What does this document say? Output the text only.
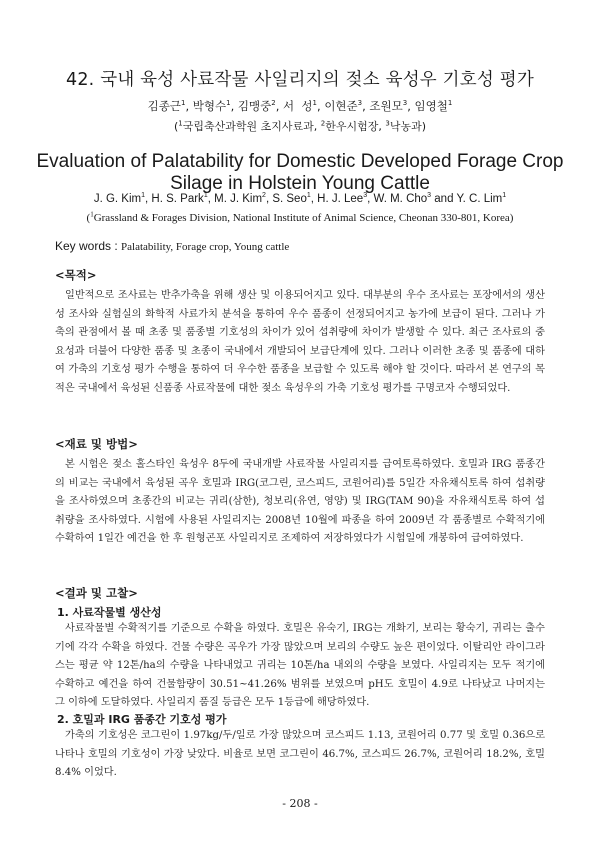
42. 국내 육성 사료작물 사일리지의 젖소 육성우 기호성 평가
김종근$^1$, 박형수$^1$, 김맹중$^2$, 서  성$^1$, 이현준$^3$, 조원모$^3$, 임영철$^1$
($^1$국립축산과학원 초지사료과, $^2$한우시험장, $^3$낙농과)
Evaluation of Palatability for Domestic Developed Forage Crop Silage in Holstein Young Cattle
J. G. Kim$^1$, H. S. Park$^1$, M. J. Kim$^2$, S. Seo$^1$, H. J. Lee$^3$, W. M. Cho$^3$ and Y. C. Lim$^1$
($^1$Grassland & Forages Division, National Institute of Animal Science, Cheonan 330-801, Korea)
Key words : Palatability, Forage crop, Young cattle
<목적>
일반적으로 조사료는 반추가축을 위해 생산 및 이용되어지고 있다. 대부분의 우수 조사료는 포장에서의 생산성 조사와 실험실의 화학적 사료가치 분석을 통하여 우수 품종이 선정되어지고 농가에 보급이 된다. 그러나 가축의 관점에서 볼 때 초종 및 품종별 기호성의 차이가 있어 섭취량에 차이가 발생할 수 있다. 최근 조사료의 중요성과 더불어 다양한 품종 및 초종이 국내에서 개발되어 보급단계에 있다. 그러나 이러한 초종 및 품종에 대하여 가축의 기호성 평가 수행을 통하여 더 우수한 품종을 보급할 수 있도록 해야 할 것이다. 따라서 본 연구의 목적은 국내에서 육성된 신품종 사료작물에 대한 젖소 육성우의 가축 기호성 평가를 구명코자 수행되었다.
<재료 및 방법>
본 시험은 젖소 홀스타인 육성우 8두에 국내개발 사료작물 사일리지를 급여토록하였다. 호밀과 IRG 품종간의 비교는 국내에서 육성된 곡우 호밀과 IRG(코그린, 코스피드, 코원어리)를 5일간 자유채식토록 하여 섭취량을 조사하였으며 초종간의 비교는 귀리(삼한), 청보리(유연, 영양) 및 IRG(TAM 90)을 자유채식토록 하여 섭취량을 조사하였다. 시험에 사용된 사일리지는 2008년 10월에 파종을 하여 2009년 각 품종별로 수확적기에 수확하여 1일간 예건을 한 후 원형곤포 사일리지로 조제하여 저장하였다가 시험일에 개봉하여 급여하였다.
<결과 및 고찰>
1. 사료작물별 생산성
사료작물별 수확적기를 기준으로 수확을 하였다. 호밀은 유숙기, IRG는 개화기, 보리는 황숙기, 귀리는 출수기에 각각 수확을 하였다. 건물 수량은 곡우가 가장 많았으며 보리의 수량도 높은 편이었다. 이탈리안 라이그라스는 평균 약 12톤/ha의 수량을 나타내었고 귀리는 10톤/ha 내외의 수량을 보였다. 사일리지는 모두 적기에 수확하고 예건을 하여 건물함량이 30.51~41.26% 범위를 보였으며 pH도 호밀이 4.9로 나타났고 나머지는 그 이하에 도달하였다. 사일리지 품질 등급은 모두 1등급에 해당하였다.
2. 호밀과 IRG 품종간 기호성 평가
가축의 기호성은 코그린이 1.97kg/두/일로 가장 많았으며 코스피드 1.13, 코원어리 0.77 및 호밀 0.36으로 나타나 호밀의 기호성이 가장 낮았다. 비율로 보면 코그린이 46.7%, 코스피드 26.7%, 코원어리 18.2%, 호밀 8.4% 이었다.
- 208 -
